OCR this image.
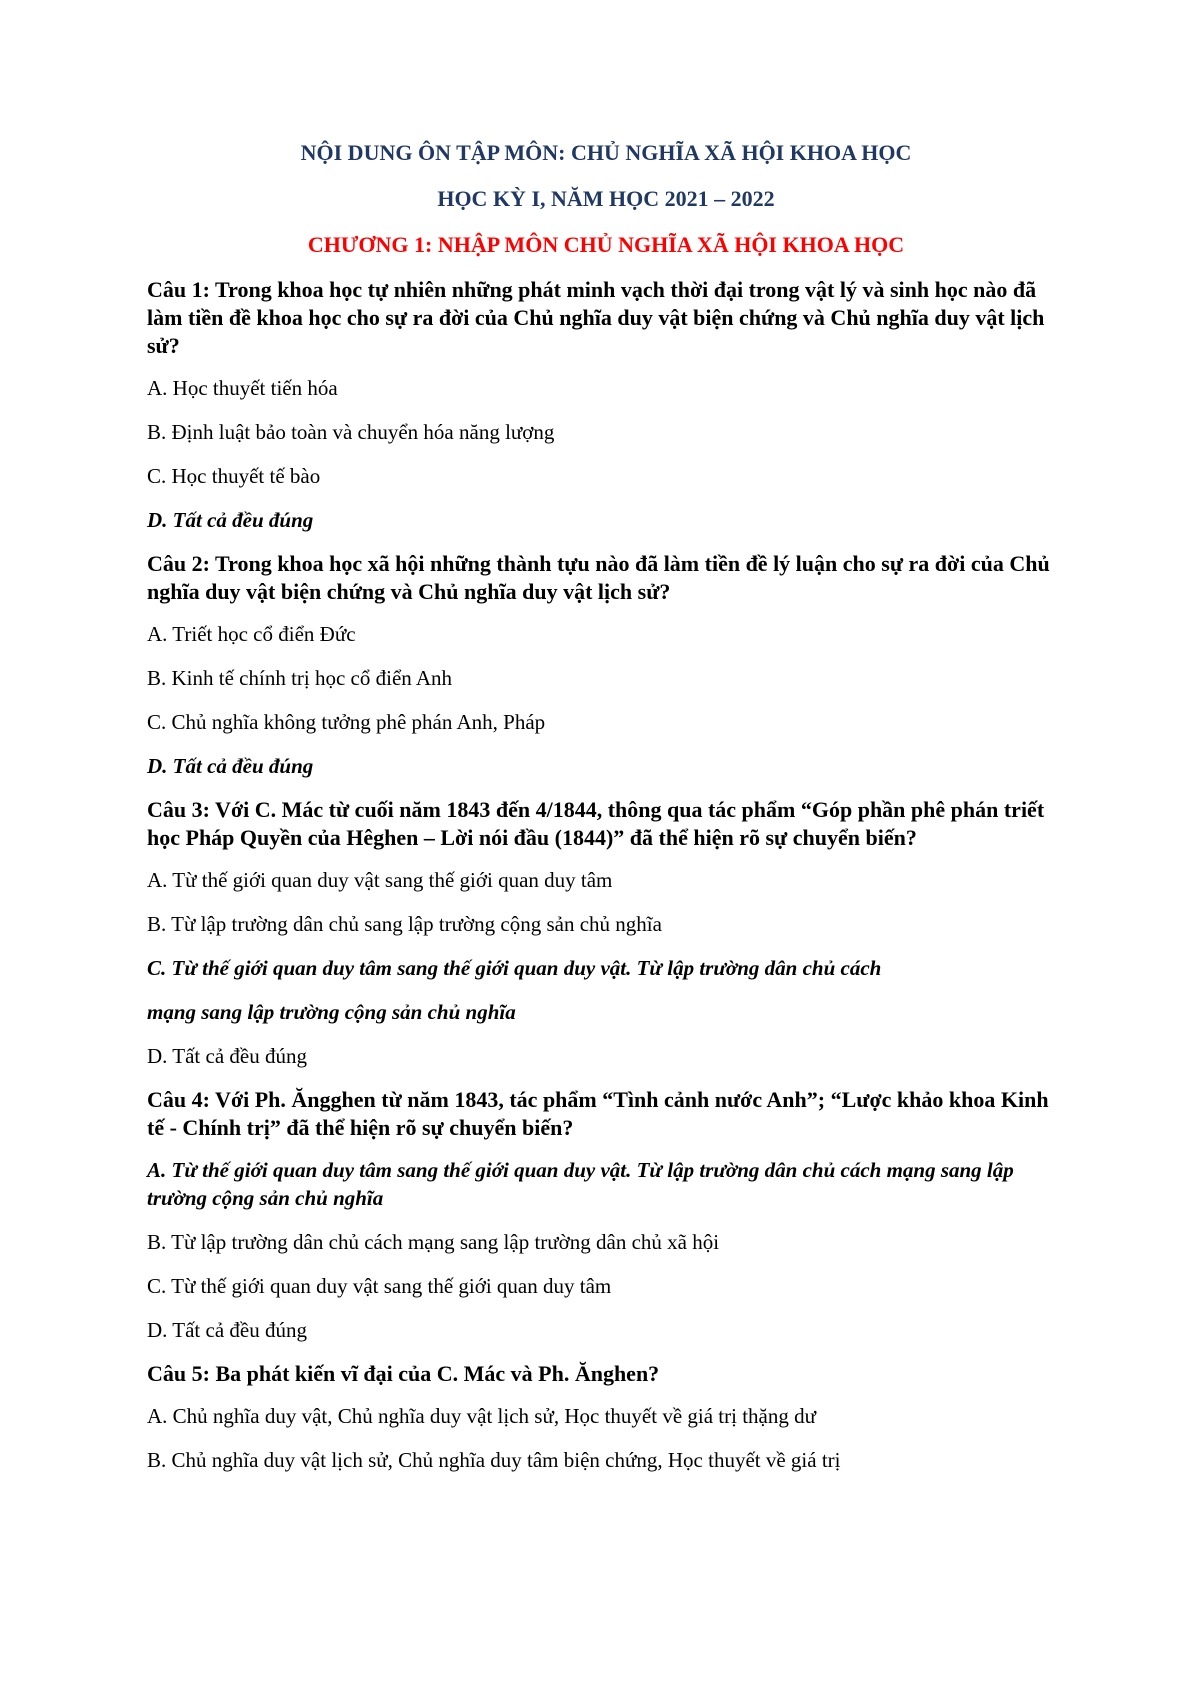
NỘI DUNG ÔN TẬP MÔN: CHỦ NGHĨA XÃ HỘI KHOA HỌC
HỌC KỲ I, NĂM HỌC 2021 – 2022
CHƯƠNG 1: NHẬP MÔN CHỦ NGHĨA XÃ HỘI KHOA HỌC
Câu 1: Trong khoa học tự nhiên những phát minh vạch thời đại trong vật lý và sinh học nào đã làm tiền đề khoa học cho sự ra đời của Chủ nghĩa duy vật biện chứng và Chủ nghĩa duy vật lịch sử?
A. Học thuyết tiến hóa
B. Định luật bảo toàn và chuyển hóa năng lượng
C. Học thuyết tế bào
D. Tất cả đều đúng
Câu 2: Trong khoa học xã hội những thành tựu nào đã làm tiền đề lý luận cho sự ra đời của Chủ nghĩa duy vật biện chứng và Chủ nghĩa duy vật lịch sử?
A. Triết học cổ điển Đức
B. Kinh tế chính trị học cổ điển Anh
C. Chủ nghĩa không tưởng phê phán Anh, Pháp
D. Tất cả đều đúng
Câu 3: Với C. Mác từ cuối năm 1843 đến 4/1844, thông qua tác phẩm “Góp phần phê phán triết học Pháp Quyền của Hêghen – Lời nói đầu (1844)” đã thể hiện rõ sự chuyển biến?
A. Từ thế giới quan duy vật sang thế giới quan duy tâm
B. Từ lập trường dân chủ sang lập trường cộng sản chủ nghĩa
C. Từ thế giới quan duy tâm sang thế giới quan duy vật. Từ lập trường dân chủ cách
mạng sang lập trường cộng sản chủ nghĩa
D. Tất cả đều đúng
Câu 4: Với Ph. Ăngghen từ năm 1843, tác phẩm “Tình cảnh nước Anh”; “Lược khảo khoa Kinh tế - Chính trị” đã thể hiện rõ sự chuyển biến?
A. Từ thế giới quan duy tâm sang thế giới quan duy vật. Từ lập trường dân chủ cách mạng sang lập trường cộng sản chủ nghĩa
B. Từ lập trường dân chủ cách mạng sang lập trường dân chủ xã hội
C. Từ thế giới quan duy vật sang thế giới quan duy tâm
D. Tất cả đều đúng
Câu 5: Ba phát kiến vĩ đại của C. Mác và Ph. Ănghen?
A. Chủ nghĩa duy vật, Chủ nghĩa duy vật lịch sử, Học thuyết về giá trị thặng dư
B. Chủ nghĩa duy vật lịch sử, Chủ nghĩa duy tâm biện chứng, Học thuyết về giá trị
